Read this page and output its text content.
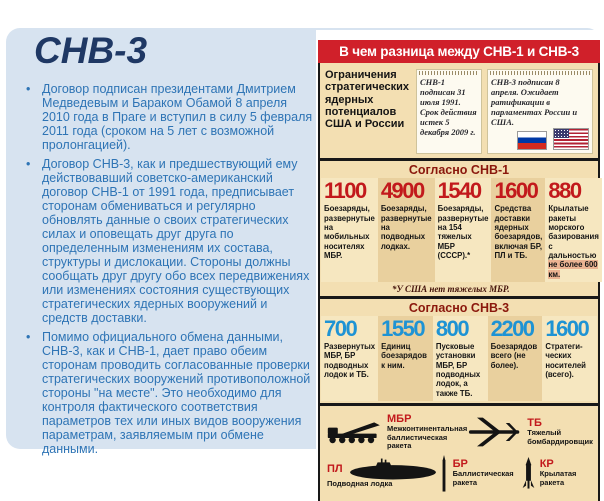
СНВ-3
• Договор подписан президентами Дмитрием Медведевым и Бараком Обамой 8 апреля 2010 года в Праге и вступил в силу 5 февраля 2011 года (сроком на 5 лет с возможной пролонгацией).
• Договор СНВ-3, как и предшествующий ему действовавший советско-американский договор СНВ-1 от 1991 года, предписывает сторонам обмениваться и регулярно обновлять данные о своих стратегических силах и оповещать друг друга по определенным изменениям их состава, структуры и дислокации. Стороны должны сообщать друг другу обо всех передвижениях или изменениях состояния существующих стратегических ядерных вооружений и средств доставки.
• Помимо официального обмена данными, СНВ-3, как и СНВ-1, дает право обеим сторонам проводить согласованные проверки стратегических вооружений противоположной стороны "на месте". Это необходимо для контроля фактического соответствия параметров тех или иных видов вооружения параметрам, заявляемым при обмене данными.
В чем разница между СНВ-1 и СНВ-3
Ограничения стратегических ядерных потенциалов США и России
СНВ-1 подписан 31 июля 1991. Срок действия истек 5 декабря 2009 г.
СНВ-3 подписан 8 апреля. Ожидает ратификации в парламентах России и США.
Согласно СНВ-1
1100
Боезаряды, развернутые на мобильных носителях МБР.
4900
Боезаряды, развернутые на подводных лодках.
1540
Боезаряды, развернутые на 154 тяжелых МБР (СССР).*
1600
Средства доставки ядерных боезарядов, включая БР, ПЛ и ТБ.
880
Крылатые ракеты морского базирования с дальностью не более 600 км.
*У США нет тяжелых МБР.
Согласно СНВ-3
700
Развернутых МБР, БР подводных лодок и ТБ.
1550
Единиц боезарядов к ним.
800
Пусковые установки МБР, БР подводных лодок, а также ТБ.
2200
Боезарядов всего (не более).
1600
Стратеги-ческих носителей (всего).
МБР
Межконтинентальная баллистическая ракета
ТБ
Тяжелый бомбардировщик
ПЛ
Подводная лодка
БР
Баллистическая ракета
КР
Крылатая ракета
